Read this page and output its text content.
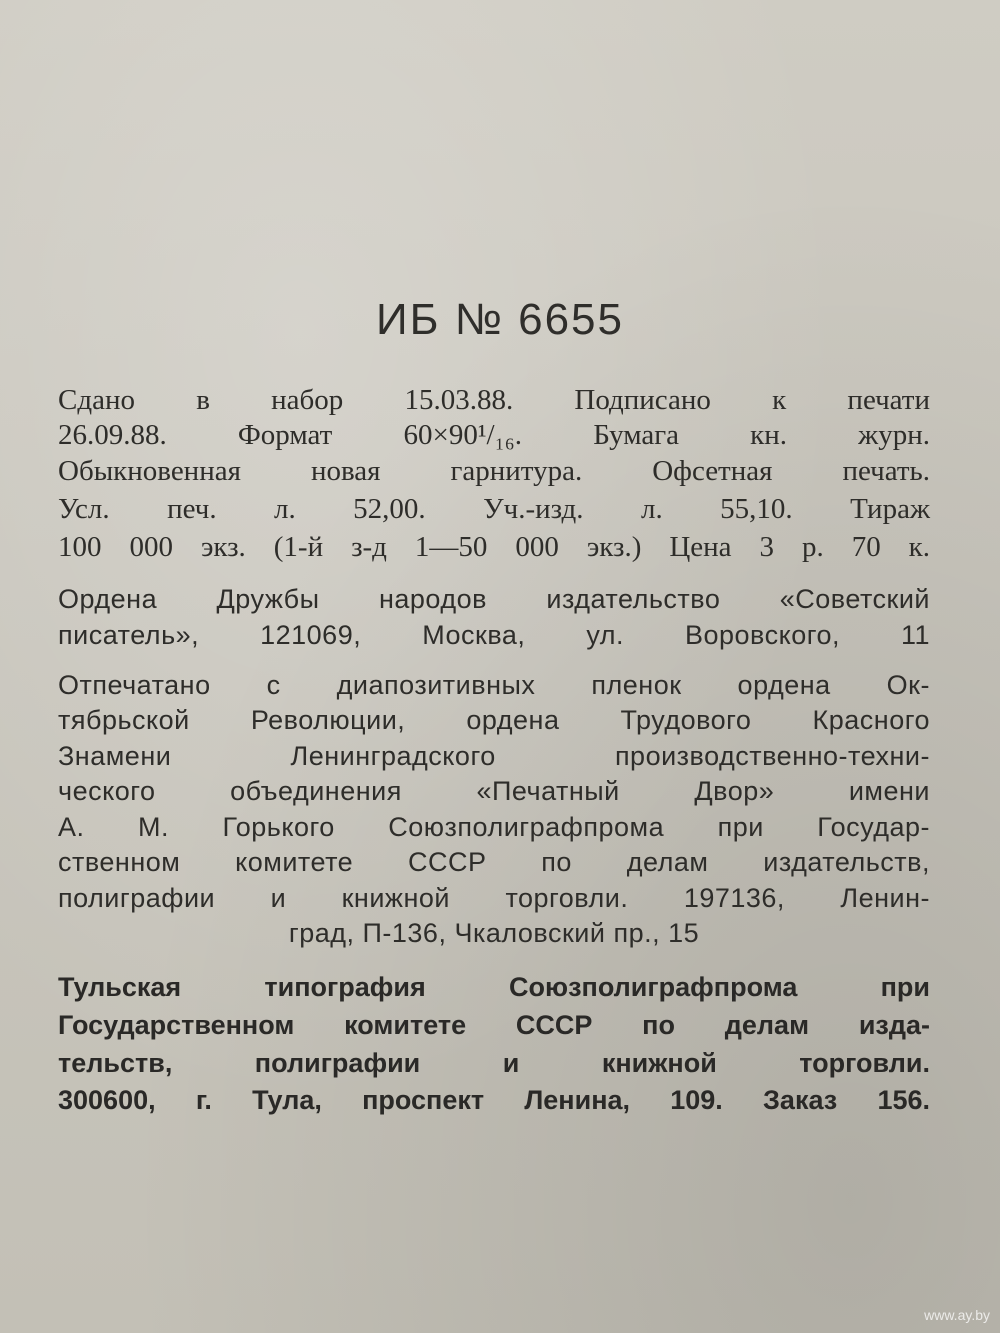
ИБ № 6655
Сдано в набор 15.03.88. Подписано к печати
26.09.88. Формат 60×90¹/₁₆. Бумага кн. журн.
Обыкновенная новая гарнитура. Офсетная печать.
Усл. печ. л. 52,00. Уч.-изд. л. 55,10. Тираж
100 000 экз. (1-й з-д 1—50 000 экз.) Цена 3 р. 70 к.
Ордена Дружбы народов издательство «Советский
писатель», 121069, Москва, ул. Воровского, 11
Отпечатано с диапозитивных пленок ордена Ок-
тябрьской Революции, ордена Трудового Красного
Знамени Ленинградского производственно-техни-
ческого объединения «Печатный Двор» имени
А. М. Горького Союзполиграфпрома при Государ-
ственном комитете СССР по делам издательств,
полиграфии и книжной торговли. 197136, Ленин-
град, П-136, Чкаловский пр., 15
Тульская типография Союзполиграфпрома при
Государственном комитете СССР по делам изда-
тельств, полиграфии и книжной торговли.
300600, г. Тула, проспект Ленина, 109. Заказ 156.
www.ay.by
